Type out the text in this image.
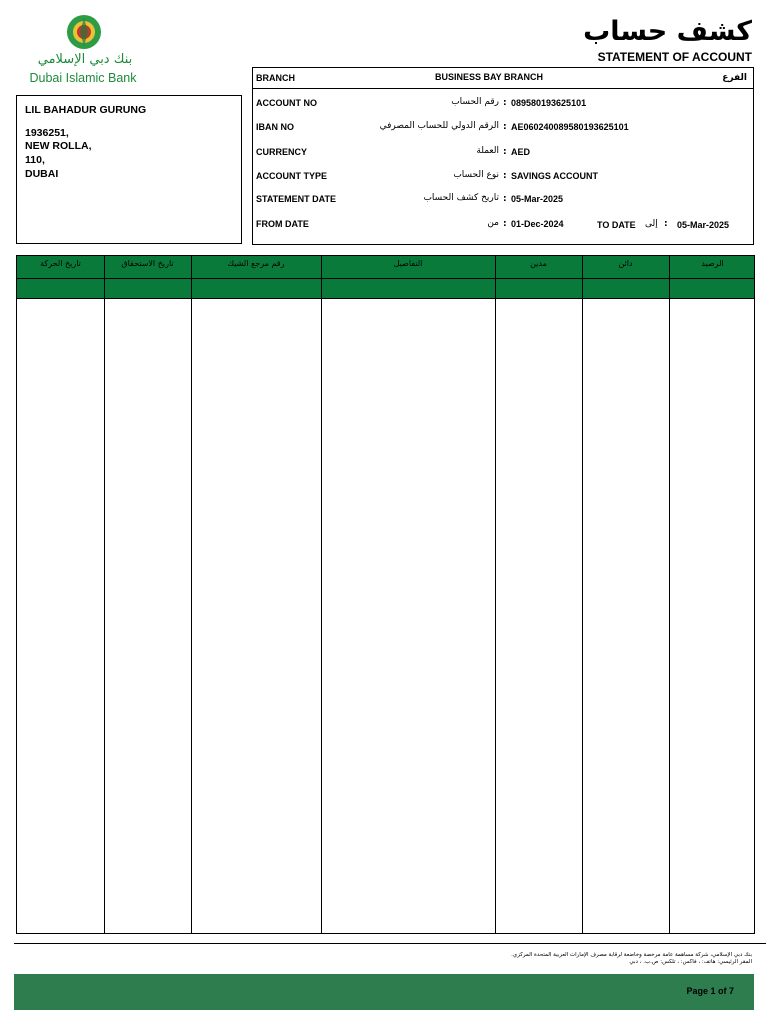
بنك دبي الإسلامي
Dubai Islamic Bank
كشف حساب
STATEMENT OF ACCOUNT
LIL BAHADUR GURUNG
1936251,
NEW ROLLA,
110,
DUBAI
BRANCH	BUSINESS BAY BRANCH	الفرع
ACCOUNT NO	رقم الحساب : 089580193625101
IBAN NO	الرقم الدولي للحساب المصرفي : AE060240089580193625101
CURRENCY	العملة : AED
ACCOUNT TYPE	نوع الحساب : SAVINGS ACCOUNT
STATEMENT DATE	تاريخ كشف الحساب : 05-Mar-2025
FROM DATE	من : 01-Dec-2024	TO DATE إلى : 05-Mar-2025
تاريخ الحركة	تاريخ الاستحقاق	رقم مرجع الشيك	التفاصيل	مدين	دائن	الرصيد
بنك دبي الإسلامي، شركة مساهمة عامة مرخصة وخاضعة لرقابة مصرف الإمارات العربية المتحدة المركزي.
المقر الرئيسي: هاتف: ، فاكس: ، تلكس: ص.ب. ، دبي
Page 1 of 7
